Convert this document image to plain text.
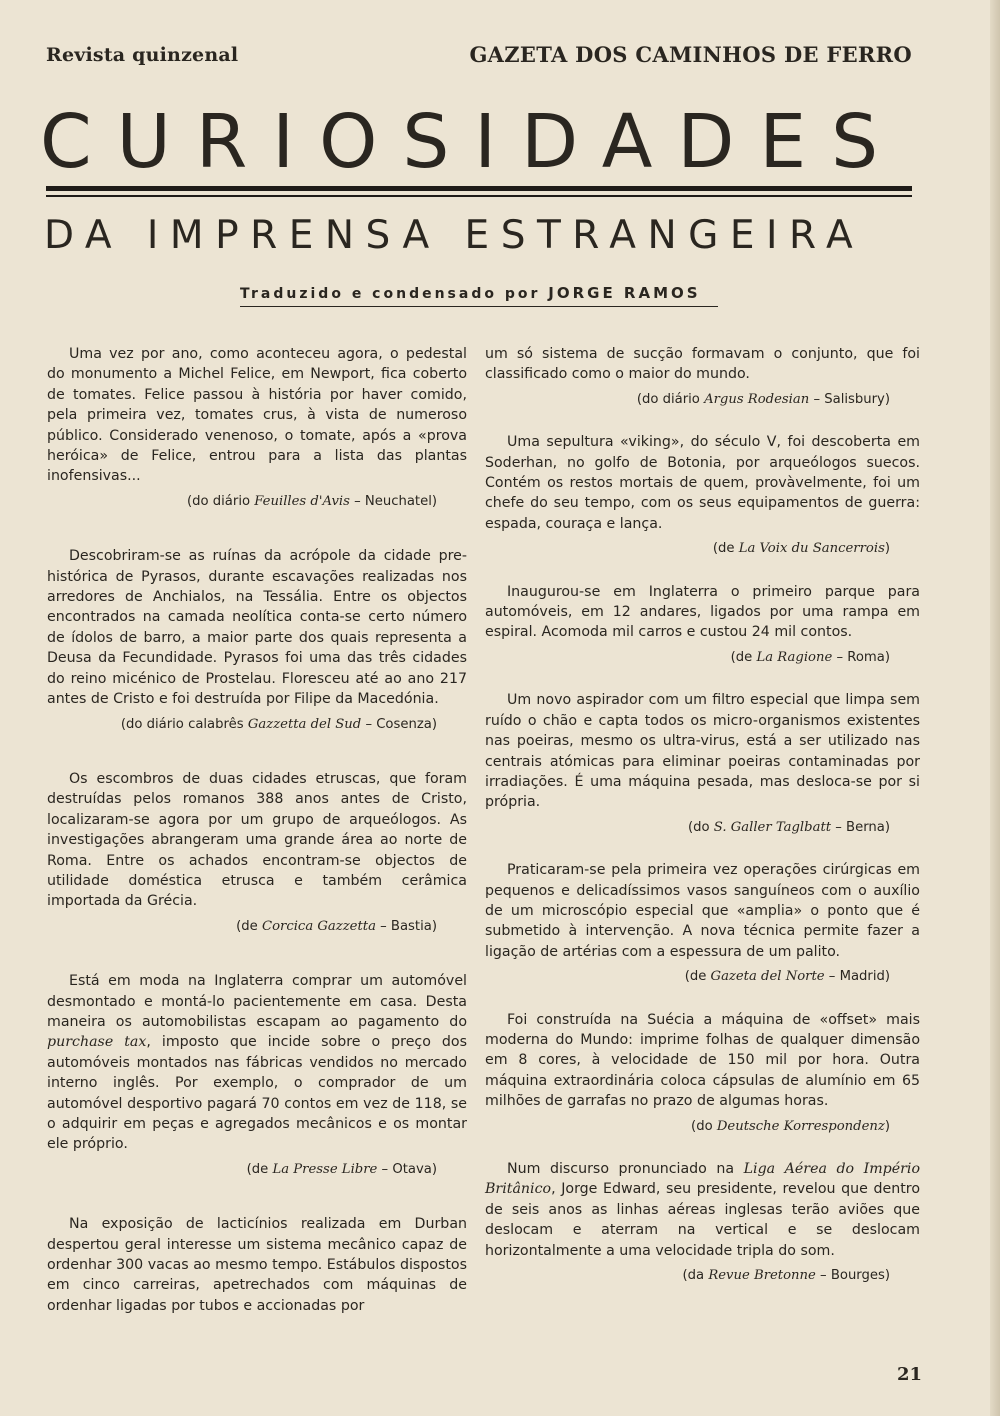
Revista quinzenal	GAZETA DOS CAMINHOS DE FERRO
CURIOSIDADES
DA IMPRENSA ESTRANGEIRA
Traduzido e condensado por JORGE RAMOS

Uma vez por ano, como aconteceu agora, o pedestal do monumento a Michel Felice, em Newport, fica coberto de tomates. Felice passou à história por haver comido, pela primeira vez, tomates crus, à vista de numeroso público. Considerado venenoso, o tomate, após a «prova heróica» de Felice, entrou para a lista das plantas inofensivas...

(do diário Feuilles d'Avis – Neuchatel)

Descobriram-se as ruínas da acrópole da cidade pre-histórica de Pyrasos, durante escavações realizadas nos arredores de Anchialos, na Tessália. Entre os objectos encontrados na camada neolítica conta-se certo número de ídolos de barro, a maior parte dos quais representa a Deusa da Fecundidade. Pyrasos foi uma das três cidades do reino micénico de Prostelau. Floresceu até ao ano 217 antes de Cristo e foi destruída por Filipe da Macedónia.

(do diário calabrês Gazzetta del Sud – Cosenza)

Os escombros de duas cidades etruscas, que foram destruídas pelos romanos 388 anos antes de Cristo, localizaram-se agora por um grupo de arqueólogos. As investigações abrangeram uma grande área ao norte de Roma. Entre os achados encontram-se objectos de utilidade doméstica etrusca e também cerâmica importada da Grécia.

(de Corcica Gazzetta – Bastia)

Está em moda na Inglaterra comprar um automóvel desmontado e montá-lo pacientemente em casa. Desta maneira os automobilistas escapam ao pagamento do purchase tax, imposto que incide sobre o preço dos automóveis montados nas fábricas vendidos no mercado interno inglês. Por exemplo, o comprador de um automóvel desportivo pagará 70 contos em vez de 118, se o adquirir em peças e agregados mecânicos e os montar ele próprio.

(de La Presse Libre – Otava)

Na exposição de lacticínios realizada em Durban despertou geral interesse um sistema mecânico capaz de ordenhar 300 vacas ao mesmo tempo. Estábulos dispostos em cinco carreiras, apetrechados com máquinas de ordenhar ligadas por tubos e accionadas por

um só sistema de sucção formavam o conjunto, que foi classificado como o maior do mundo.

(do diário Argus Rodesian – Salisbury)

Uma sepultura «viking», do século V, foi descoberta em Soderhan, no golfo de Botonia, por arqueólogos suecos. Contém os restos mortais de quem, provàvelmente, foi um chefe do seu tempo, com os seus equipamentos de guerra: espada, couraça e lança.

(de La Voix du Sancerrois)

Inaugurou-se em Inglaterra o primeiro parque para automóveis, em 12 andares, ligados por uma rampa em espiral. Acomoda mil carros e custou 24 mil contos.

(de La Ragione – Roma)

Um novo aspirador com um filtro especial que limpa sem ruído o chão e capta todos os micro-organismos existentes nas poeiras, mesmo os ultra-virus, está a ser utilizado nas centrais atómicas para eliminar poeiras contaminadas por irradiações. É uma máquina pesada, mas desloca-se por si própria.

(do S. Galler Taglbatt – Berna)

Praticaram-se pela primeira vez operações cirúrgicas em pequenos e delicadíssimos vasos sanguíneos com o auxílio de um microscópio especial que «amplia» o ponto que é submetido à intervenção. A nova técnica permite fazer a ligação de artérias com a espessura de um palito.

(de Gazeta del Norte – Madrid)

Foi construída na Suécia a máquina de «offset» mais moderna do Mundo: imprime folhas de qualquer dimensão em 8 cores, à velocidade de 150 mil por hora. Outra máquina extraordinária coloca cápsulas de alumínio em 65 milhões de garrafas no prazo de algumas horas.

(do Deutsche Korrespondenz)

Num discurso pronunciado na Liga Aérea do Império Britânico, Jorge Edward, seu presidente, revelou que dentro de seis anos as linhas aéreas inglesas terão aviões que deslocam e aterram na vertical e se deslocam horizontalmente a uma velocidade tripla do som.

(da Revue Bretonne – Bourges)

21
